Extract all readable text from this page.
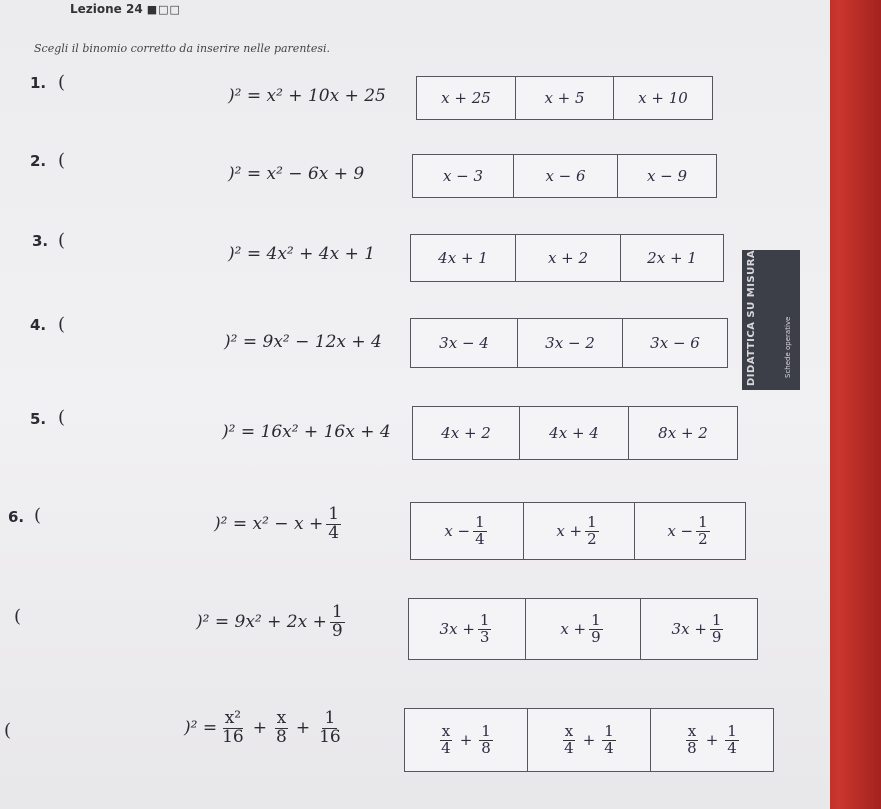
Lezione 24 ■□□
Scegli il binomio corretto da inserire nelle parentesi.
DIDATTICA SU MISURA	Schede operative
1. (
)² = x² + 10x + 25	x + 25	x + 5	x + 10
2. (
)² = x² − 6x + 9	x − 3	x − 6	x − 9
3. (
)² = 4x² + 4x + 1	4x + 1	x + 2	2x + 1
4. (
)² = 9x² − 12x + 4	3x − 4	3x − 2	3x − 6
5. (
)² = 16x² + 16x + 4	4x + 2	4x + 4	8x + 2
6. (	)$^2 = x^2 - x + \frac{1}{4}$	$x - \frac{1}{4}$	$x + \frac{1}{2}$	$x - \frac{1}{2}$
(	)$^2 = 9x^2 + 2x + \frac{1}{9}$	$3x + \frac{1}{3}$	$x + \frac{1}{9}$	$3x + \frac{1}{9}$
(	)$^2 = \frac{\text{x²}}{16} + \frac{x}{8} + \frac{1}{16}$	$\frac{x}{4} + \frac{1}{8}$	$\frac{x}{4} + \frac{1}{4}$	$\frac{x}{8} + \frac{1}{4}$
